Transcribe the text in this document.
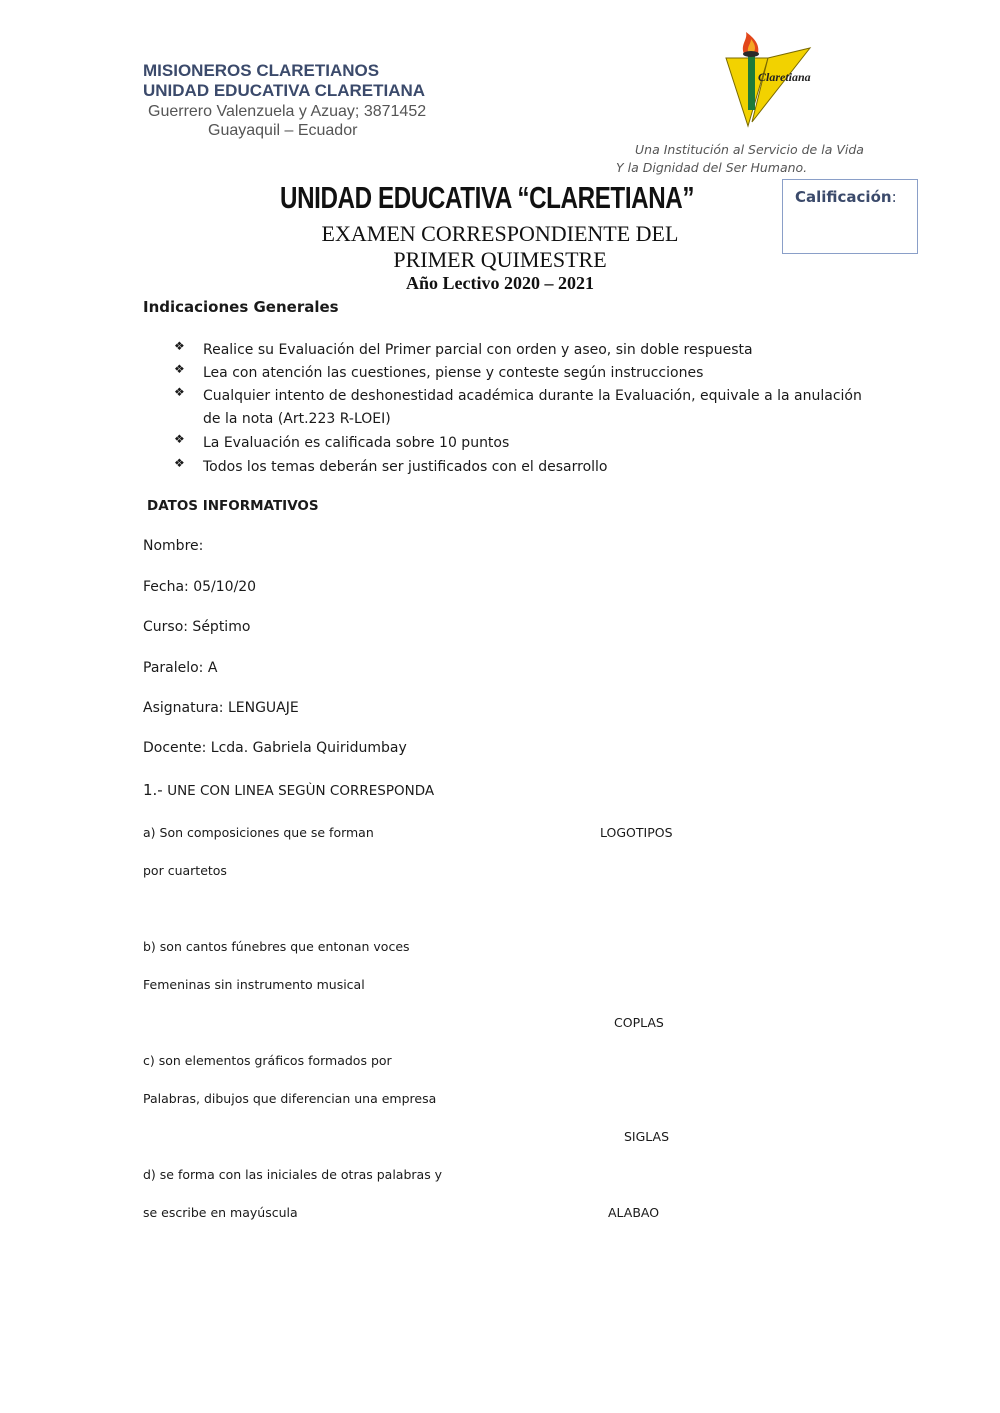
MISIONEROS CLARETIANOS
UNIDAD EDUCATIVA CLARETIANA
Guerrero Valenzuela y Azuay; 3871452
Guayaquil – Ecuador
Claretiana
Una Institución al Servicio de la Vida
Y la Dignidad del Ser Humano.
UNIDAD EDUCATIVA “CLARETIANA”
EXAMEN CORRESPONDIENTE DEL
PRIMER QUIMESTRE
Año Lectivo 2020 – 2021
Calificación:
Indicaciones Generales
❖ Realice su Evaluación del Primer parcial con orden y aseo, sin doble respuesta
❖ Lea con atención las cuestiones, piense y conteste según instrucciones
❖ Cualquier intento de deshonestidad académica durante la Evaluación, equivale a la anulación de la nota (Art.223 R-LOEI)
❖ La Evaluación es calificada sobre 10 puntos
❖ Todos los temas deberán ser justificados con el desarrollo
DATOS INFORMATIVOS
Nombre:
Fecha: 05/10/20
Curso: Séptimo
Paralelo: A
Asignatura: LENGUAJE
Docente: Lcda. Gabriela Quiridumbay
1.- UNE CON LINEA SEGÙN CORRESPONDA
a) Son composiciones que se forman
por cuartetos
b) son cantos fúnebres que entonan voces
Femeninas sin instrumento musical
c) son elementos gráficos formados por
Palabras, dibujos que diferencian una empresa
d) se forma con las iniciales de otras palabras y
se escribe en mayúscula
LOGOTIPOS
COPLAS
SIGLAS
ALABAO
